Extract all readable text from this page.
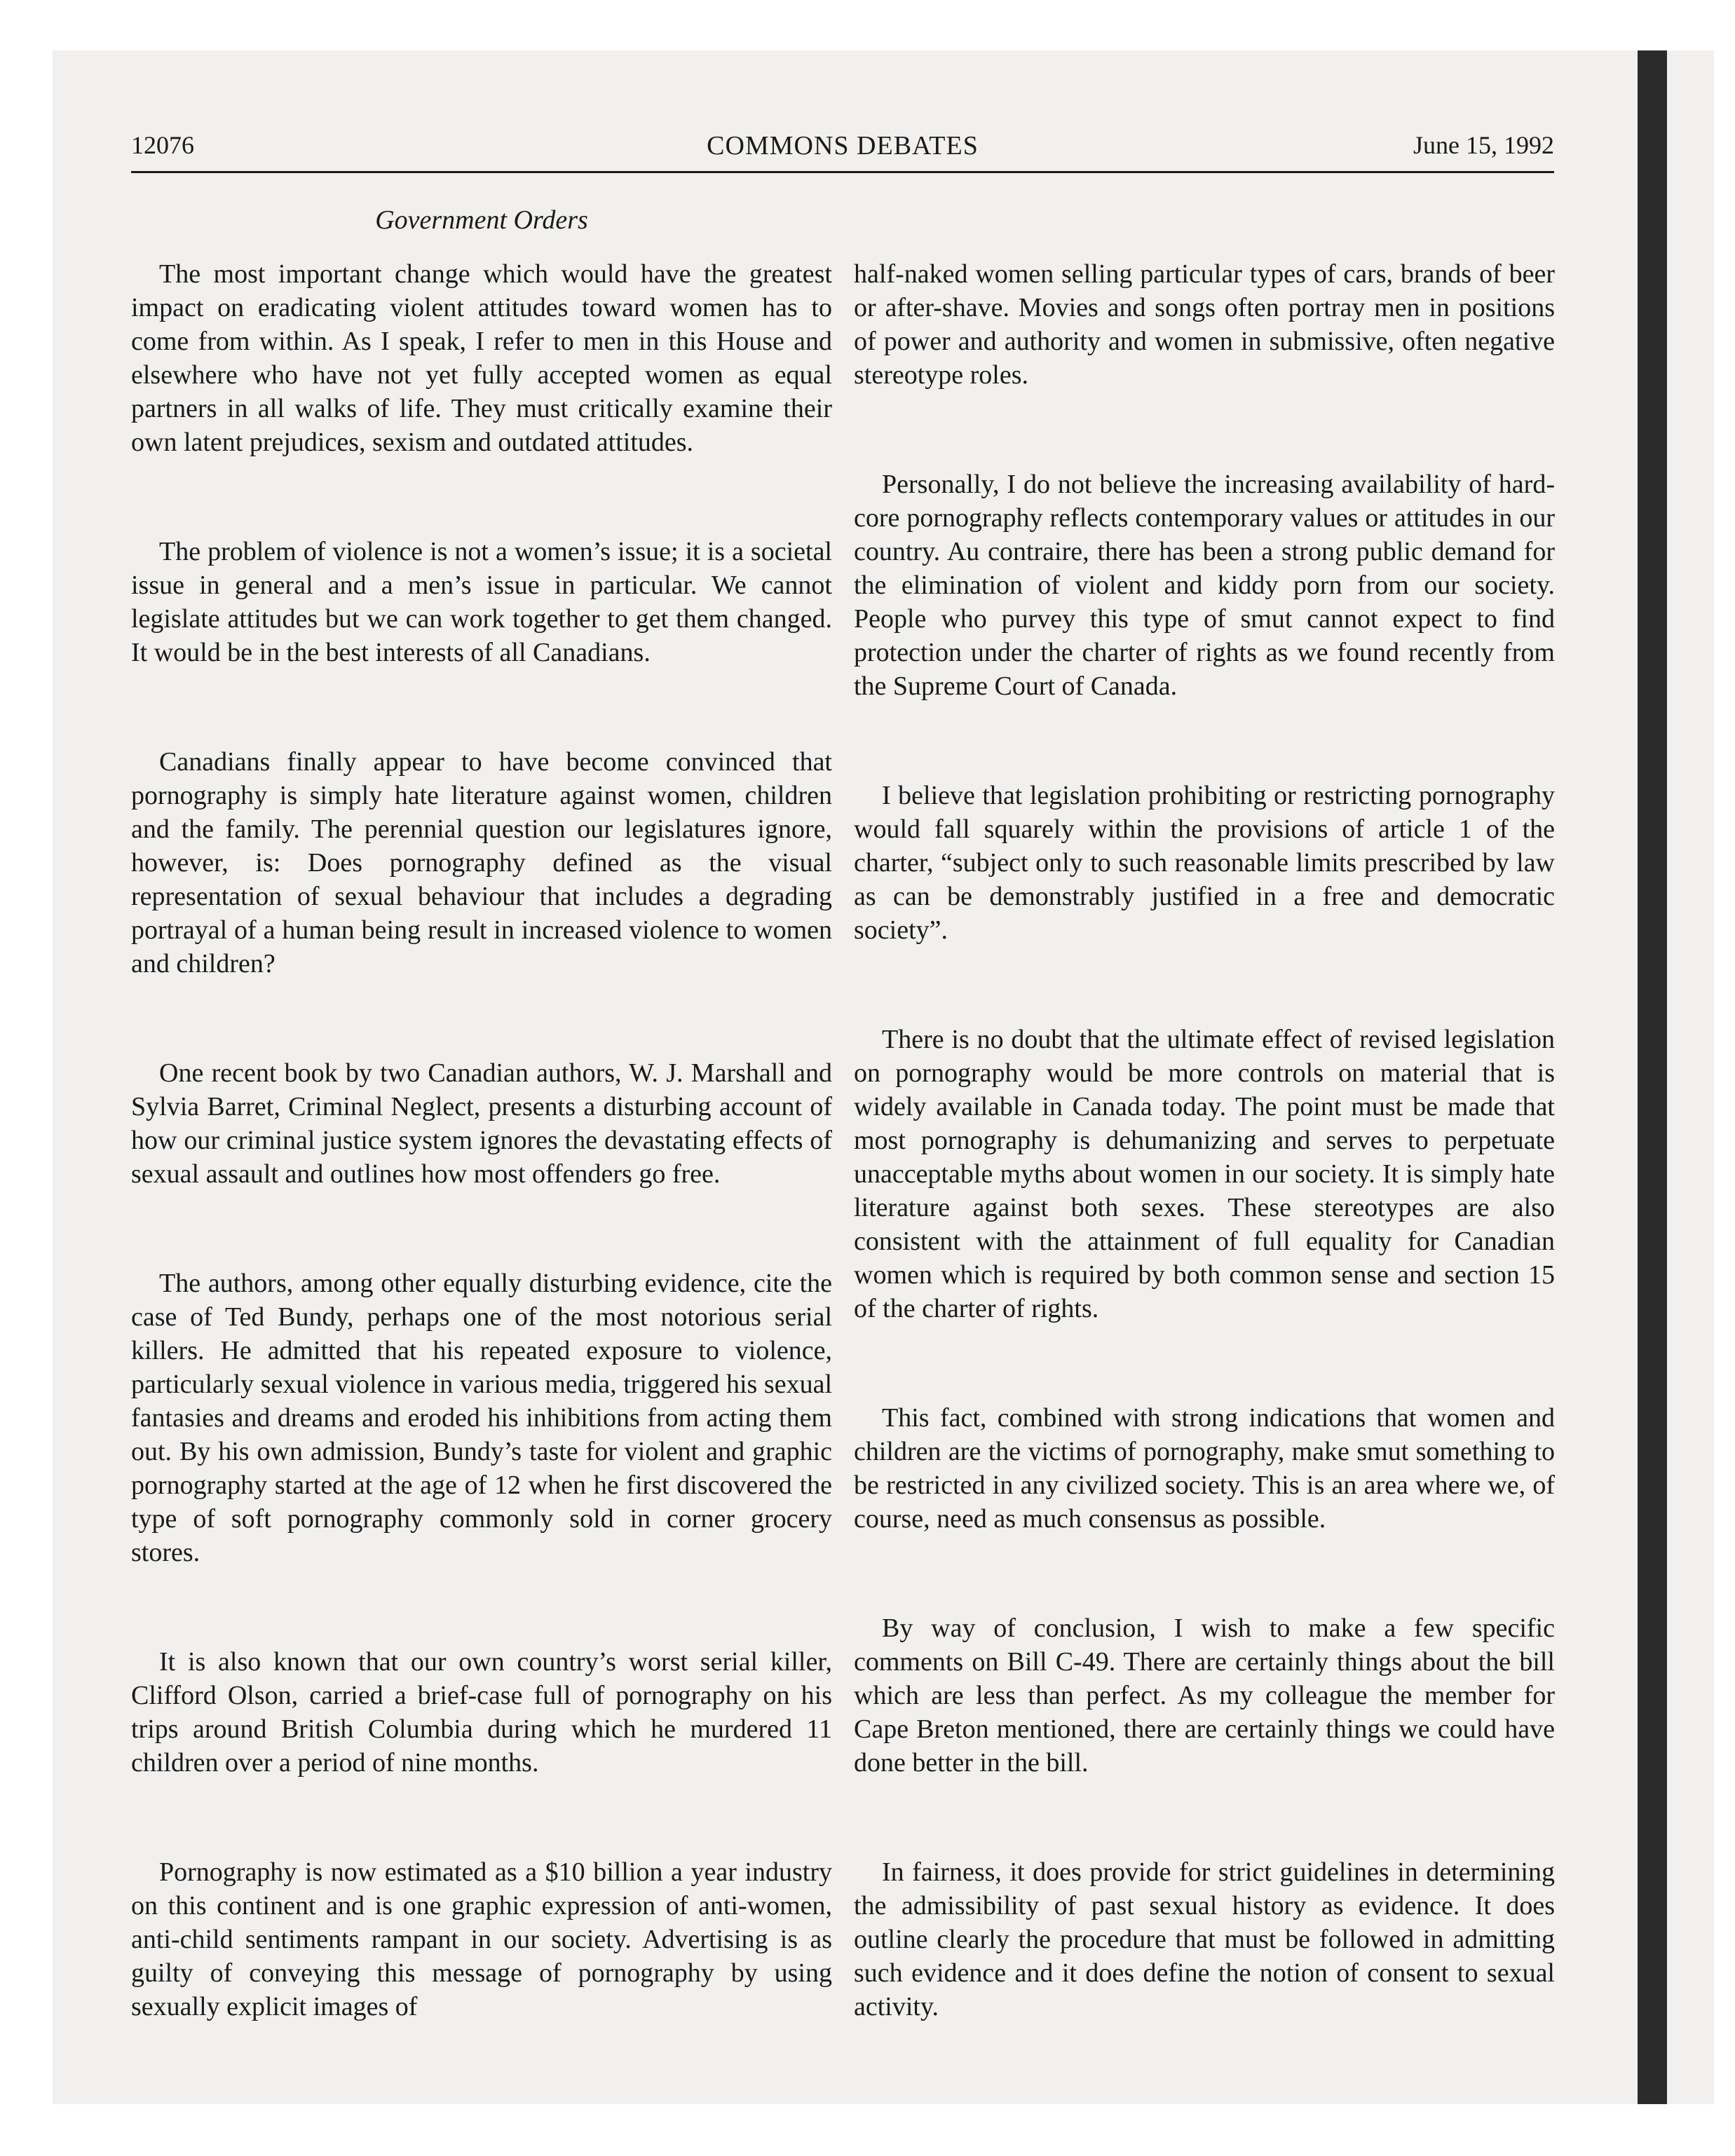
12076	COMMONS DEBATES	June 15, 1992
Government Orders

The most important change which would have the greatest impact on eradicating violent attitudes toward women has to come from within. As I speak, I refer to men in this House and elsewhere who have not yet fully accepted women as equal partners in all walks of life. They must critically examine their own latent prejudices, sexism and outdated attitudes.

The problem of violence is not a women’s issue; it is a societal issue in general and a men’s issue in particular. We cannot legislate attitudes but we can work together to get them changed. It would be in the best interests of all Canadians.

Canadians finally appear to have become convinced that pornography is simply hate literature against women, children and the family. The perennial question our legislatures ignore, however, is: Does pornography defined as the visual representation of sexual behaviour that includes a degrading portrayal of a human being result in increased violence to women and children?

One recent book by two Canadian authors, W. J. Marshall and Sylvia Barret, Criminal Neglect, presents a disturbing account of how our criminal justice system ignores the devastating effects of sexual assault and outlines how most offenders go free.

The authors, among other equally disturbing evidence, cite the case of Ted Bundy, perhaps one of the most notorious serial killers. He admitted that his repeated exposure to violence, particularly sexual violence in various media, triggered his sexual fantasies and dreams and eroded his inhibitions from acting them out. By his own admission, Bundy’s taste for violent and graphic pornography started at the age of 12 when he first discovered the type of soft pornography commonly sold in corner grocery stores.

It is also known that our own country’s worst serial killer, Clifford Olson, carried a brief-case full of pornography on his trips around British Columbia during which he murdered 11 children over a period of nine months.

Pornography is now estimated as a $10 billion a year industry on this continent and is one graphic expression of anti-women, anti-child sentiments rampant in our society. Advertising is as guilty of conveying this message of pornography by using sexually explicit images of

half-naked women selling particular types of cars, brands of beer or after-shave. Movies and songs often portray men in positions of power and authority and women in submissive, often negative stereotype roles.

Personally, I do not believe the increasing availability of hard-core pornography reflects contemporary values or attitudes in our country. Au contraire, there has been a strong public demand for the elimination of violent and kiddy porn from our society. People who purvey this type of smut cannot expect to find protection under the charter of rights as we found recently from the Supreme Court of Canada.

I believe that legislation prohibiting or restricting pornography would fall squarely within the provisions of article 1 of the charter, “subject only to such reasonable limits prescribed by law as can be demonstrably justified in a free and democratic society”.

There is no doubt that the ultimate effect of revised legislation on pornography would be more controls on material that is widely available in Canada today. The point must be made that most pornography is dehumanizing and serves to perpetuate unacceptable myths about women in our society. It is simply hate literature against both sexes. These stereotypes are also consistent with the attainment of full equality for Canadian women which is required by both common sense and section 15 of the charter of rights.

This fact, combined with strong indications that women and children are the victims of pornography, make smut something to be restricted in any civilized society. This is an area where we, of course, need as much consensus as possible.

By way of conclusion, I wish to make a few specific comments on Bill C-49. There are certainly things about the bill which are less than perfect. As my colleague the member for Cape Breton mentioned, there are certainly things we could have done better in the bill.

In fairness, it does provide for strict guidelines in determining the admissibility of past sexual history as evidence. It does outline clearly the procedure that must be followed in admitting such evidence and it does define the notion of consent to sexual activity.
